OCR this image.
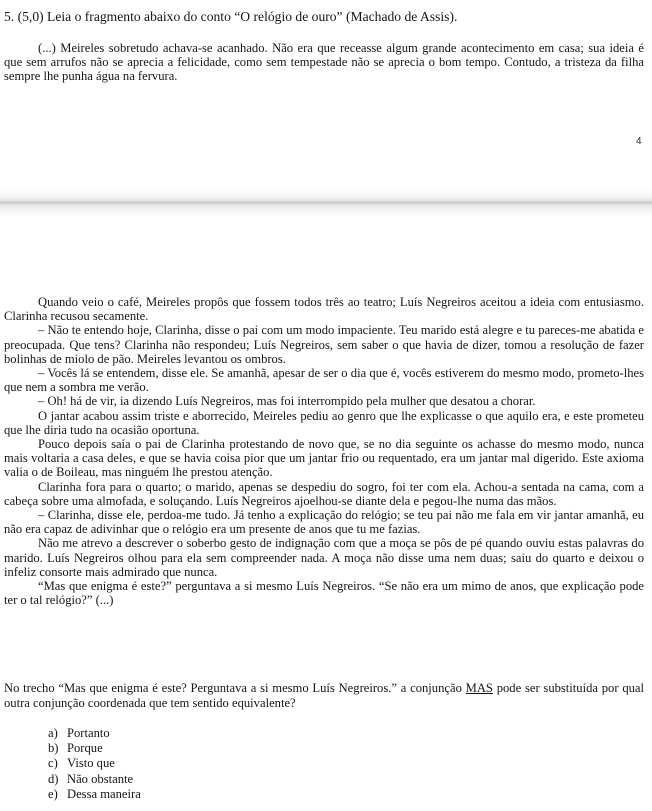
5. (5,0) Leia o fragmento abaixo do conto “O relógio de ouro” (Machado de Assis).

(...) Meireles sobretudo achava-se acanhado. Não era que receasse algum grande acontecimento em casa; sua ideia é que sem arrufos não se aprecia a felicidade, como sem tempestade não se aprecia o bom tempo. Contudo, a tristeza da filha sempre lhe punha água na fervura.

4

Quando veio o café, Meireles propôs que fossem todos três ao teatro; Luís Negreiros aceitou a ideia com entusiasmo. Clarinha recusou secamente.

– Não te entendo hoje, Clarinha, disse o pai com um modo impaciente. Teu marido está alegre e tu pareces-me abatida e preocupada. Que tens? Clarinha não respondeu; Luís Negreiros, sem saber o que havia de dizer, tomou a resolução de fazer bolinhas de miolo de pão. Meireles levantou os ombros.

– Vocês lá se entendem, disse ele. Se amanhã, apesar de ser o dia que é, vocês estiverem do mesmo modo, prometo-lhes que nem a sombra me verão.

– Oh! há de vir, ia dizendo Luís Negreiros, mas foi interrompido pela mulher que desatou a chorar.

O jantar acabou assim triste e aborrecido, Meireles pediu ao genro que lhe explicasse o que aquilo era, e este prometeu que lhe diria tudo na ocasião oportuna.

Pouco depois saía o pai de Clarinha protestando de novo que, se no dia seguinte os achasse do mesmo modo, nunca mais voltaria a casa deles, e que se havia coisa pior que um jantar frio ou requentado, era um jantar mal digerido. Este axioma valia o de Boileau, mas ninguém lhe prestou atenção.

Clarinha fora para o quarto; o marido, apenas se despediu do sogro, foi ter com ela. Achou-a sentada na cama, com a cabeça sobre uma almofada, e soluçando. Luís Negreiros ajoelhou-se diante dela e pegou-lhe numa das mãos.

– Clarinha, disse ele, perdoa-me tudo. Já tenho a explicação do relógio; se teu pai não me fala em vir jantar amanhã, eu não era capaz de adivinhar que o relógio era um presente de anos que tu me fazias.

Não me atrevo a descrever o soberbo gesto de indignação com que a moça se pôs de pé quando ouviu estas palavras do marido. Luís Negreiros olhou para ela sem compreender nada. A moça não disse uma nem duas; saiu do quarto e deixou o infeliz consorte mais admirado que nunca.

“Mas que enigma é este?” perguntava a si mesmo Luís Negreiros. “Se não era um mimo de anos, que explicação pode ter o tal relógio?” (...)

No trecho “Mas que enigma é este? Perguntava a si mesmo Luís Negreiros.” a conjunção MAS pode ser substituída por qual outra conjunção coordenada que tem sentido equivalente?

a) Portanto
b) Porque
c) Visto que
d) Não obstante
e) Dessa maneira
